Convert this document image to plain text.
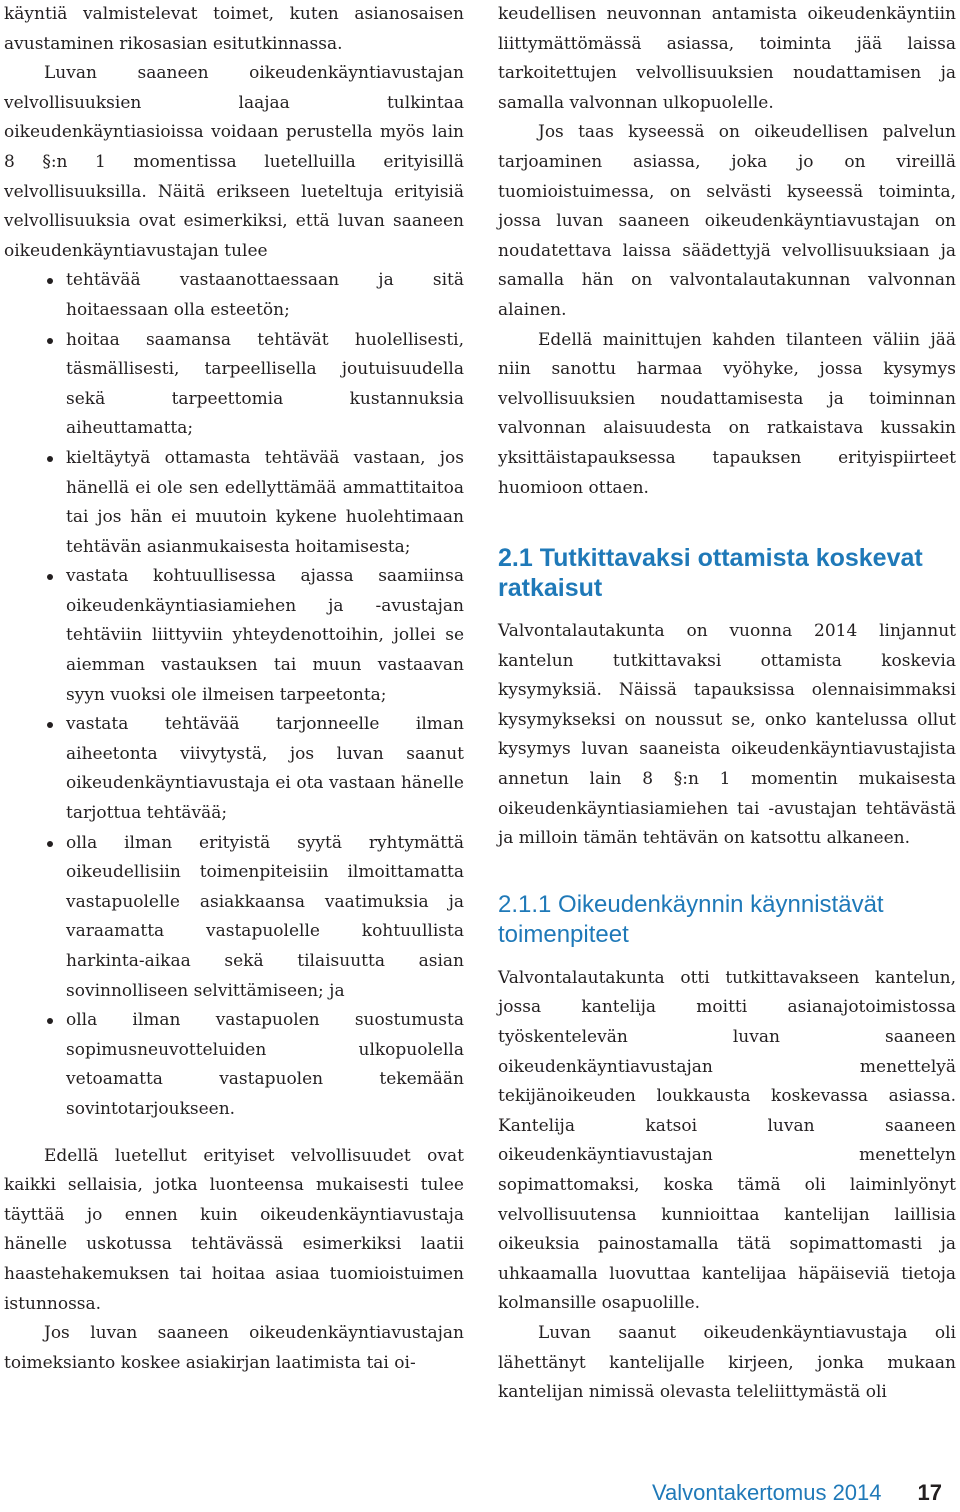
käyntiä valmistelevat toimet, kuten asianosaisen avustaminen rikosasian esitutkinnassa.

Luvan saaneen oikeudenkäyntiavustajan velvollisuuksien laajaa tulkintaa oikeudenkäyntiasioissa voidaan perustella myös lain 8 §:n 1 momentissa luetelluilla erityisillä velvollisuuksilla. Näitä erikseen lueteltuja erityisiä velvollisuuksia ovat esimerkiksi, että luvan saaneen oikeudenkäyntiavustajan tulee

tehtävää vastaanottaessaan ja sitä hoitaessaan olla esteetön;
hoitaa saamansa tehtävät huolellisesti, täsmällisesti, tarpeellisella joutuisuudella sekä tarpeettomia kustannuksia aiheuttamatta;
kieltäytyä ottamasta tehtävää vastaan, jos hänellä ei ole sen edellyttämää ammattitaitoa tai jos hän ei muutoin kykene huolehtimaan tehtävän asianmukaisesta hoitamisesta;
vastata kohtuullisessa ajassa saamiinsa oikeudenkäyntiasiamiehen ja -avustajan tehtäviin liittyviin yhteydenottoihin, jollei se aiemman vastauksen tai muun vastaavan syyn vuoksi ole ilmeisen tarpeetonta;
vastata tehtävää tarjonneelle ilman aiheetonta viivytystä, jos luvan saanut oikeudenkäyntiavustaja ei ota vastaan hänelle tarjottua tehtävää;
olla ilman erityistä syytä ryhtymättä oikeudellisiin toimenpiteisiin ilmoittamatta vastapuolelle asiakkaansa vaatimuksia ja varaamatta vastapuolelle kohtuullista harkinta-aikaa sekä tilaisuutta asian sovinnolliseen selvittämiseen; ja
olla ilman vastapuolen suostumusta sopimusneuvotteluiden ulkopuolella vetoamatta vastapuolen tekemään sovintotarjoukseen.

Edellä luetellut erityiset velvollisuudet ovat kaikki sellaisia, jotka luonteensa mukaisesti tulee täyttää jo ennen kuin oikeudenkäyntiavustaja hänelle uskotussa tehtävässä esimerkiksi laatii haastehakemuksen tai hoitaa asiaa tuomioistuimen istunnossa.

Jos luvan saaneen oikeudenkäyntiavustajan toimeksianto koskee asiakirjan laatimista tai oi-

keudellisen neuvonnan antamista oikeudenkäyntiin liittymättömässä asiassa, toiminta jää laissa tarkoitettujen velvollisuuksien noudattamisen ja samalla valvonnan ulkopuolelle.

Jos taas kyseessä on oikeudellisen palvelun tarjoaminen asiassa, joka jo on vireillä tuomioistuimessa, on selvästi kyseessä toiminta, jossa luvan saaneen oikeudenkäyntiavustajan on noudatettava laissa säädettyjä velvollisuuksiaan ja samalla hän on valvontalautakunnan valvonnan alainen.

Edellä mainittujen kahden tilanteen väliin jää niin sanottu harmaa vyöhyke, jossa kysymys velvollisuuksien noudattamisesta ja toiminnan valvonnan alaisuudesta on ratkaistava kussakin yksittäistapauksessa tapauksen erityispiirteet huomioon ottaen.

2.1 Tutkittavaksi ottamista koskevat ratkaisut

Valvontalautakunta on vuonna 2014 linjannut kantelun tutkittavaksi ottamista koskevia kysymyksiä. Näissä tapauksissa olennaisimmaksi kysymykseksi on noussut se, onko kantelussa ollut kysymys luvan saaneista oikeudenkäyntiavustajista annetun lain 8 §:n 1 momentin mukaisesta oikeudenkäyntiasiamiehen tai -avustajan tehtävästä ja milloin tämän tehtävän on katsottu alkaneen.

2.1.1 Oikeudenkäynnin käynnistävät toimenpiteet

Valvontalautakunta otti tutkittavakseen kantelun, jossa kantelija moitti asianajotoimistossa työskentelevän luvan saaneen oikeudenkäyntiavustajan menettelyä tekijänoikeuden loukkausta koskevassa asiassa. Kantelija katsoi luvan saaneen oikeudenkäyntiavustajan menettelyn sopimattomaksi, koska tämä oli laiminlyönyt velvollisuutensa kunnioittaa kantelijan laillisia oikeuksia painostamalla tätä sopimattomasti ja uhkaamalla luovuttaa kantelijaa häpäiseviä tietoja kolmansille osapuolille.

Luvan saanut oikeudenkäyntiavustaja oli lähettänyt kantelijalle kirjeen, jonka mukaan kantelijan nimissä olevasta teleliittymästä oli

Valvontakertomus 2014 17
